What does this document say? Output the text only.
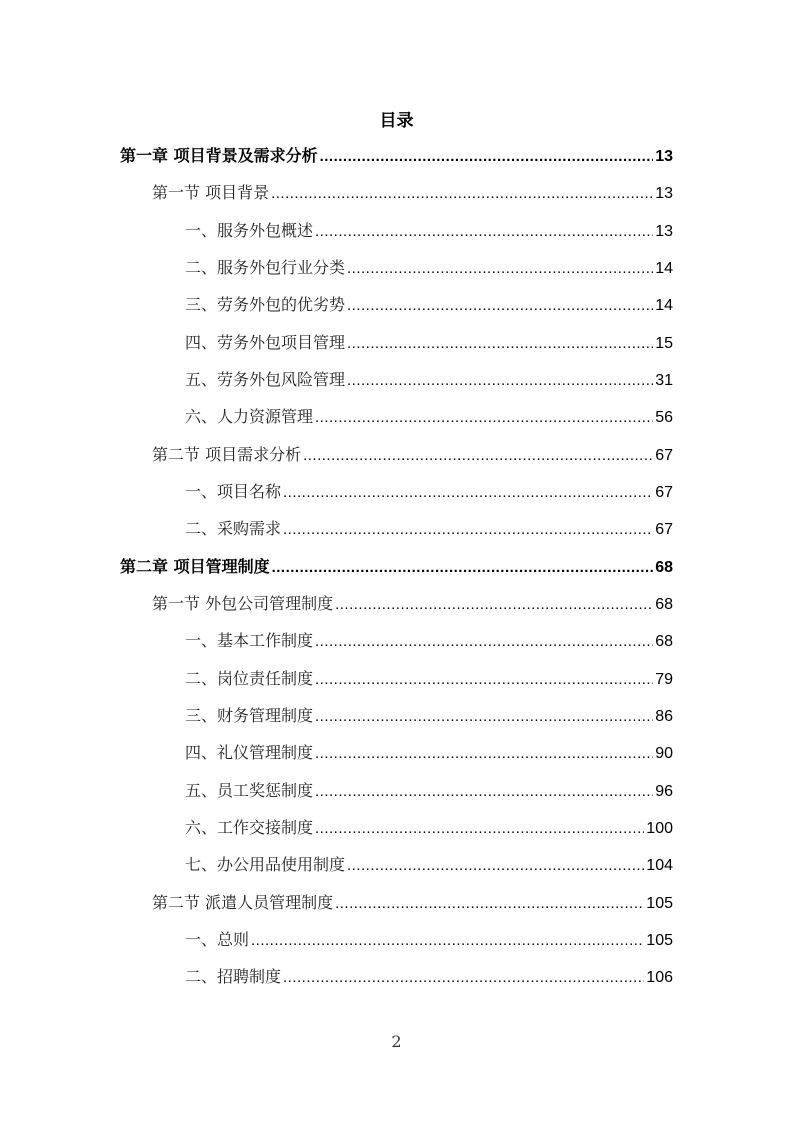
目录
第一章 项目背景及需求分析 .....	13
第一节 项目背景 .....	13
一、服务外包概述 .....	13
二、服务外包行业分类 .....	14
三、劳务外包的优劣势 .....	14
四、劳务外包项目管理 .....	15
五、劳务外包风险管理 .....	31
六、人力资源管理 .....	56
第二节 项目需求分析 .....	67
一、项目名称 .....	67
二、采购需求 .....	67
第二章 项目管理制度 .....	68
第一节 外包公司管理制度 .....	68
一、基本工作制度 .....	68
二、岗位责任制度 .....	79
三、财务管理制度 .....	86
四、礼仪管理制度 .....	90
五、员工奖惩制度 .....	96
六、工作交接制度 .....	100
七、办公用品使用制度 .....	104
第二节 派遣人员管理制度 .....	105
一、总则 .....	105
二、招聘制度 .....	106
2
